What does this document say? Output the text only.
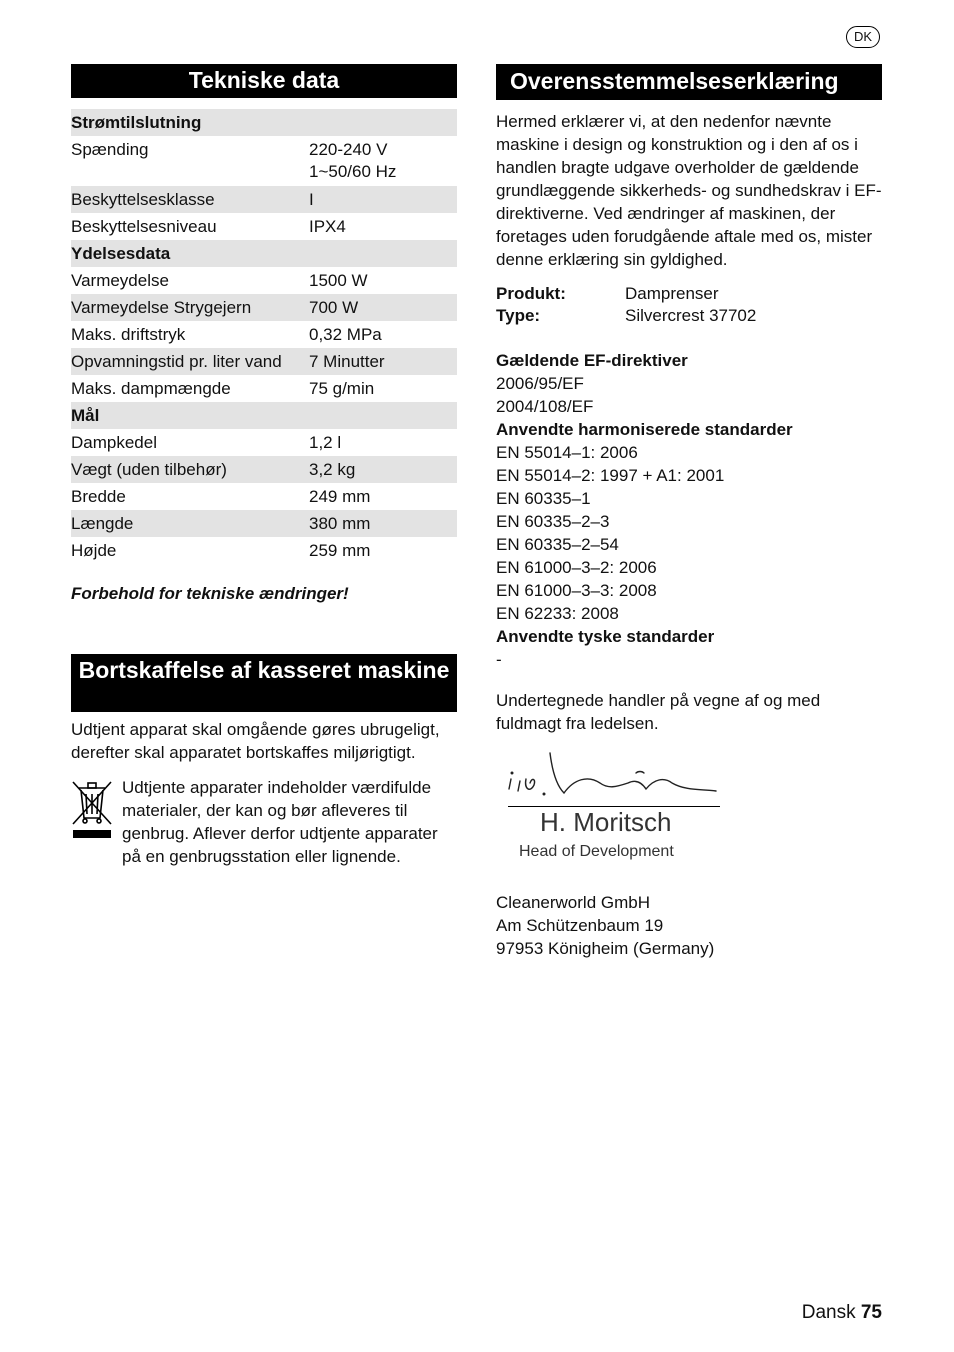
DK
Tekniske data
Strømtilslutning
Spænding	220-240 V
1~50/60 Hz
Beskyttelsesklasse	I
Beskyttelsesniveau	IPX4
Ydelsesdata
Varmeydelse	1500 W
Varmeydelse Strygejern	700 W
Maks. driftstryk	0,32 MPa
Opvamningstid pr. liter vand	7 Minutter
Maks. dampmængde	75 g/min
Mål
Dampkedel	1,2 l
Vægt (uden tilbehør)	3,2 kg
Bredde	249 mm
Længde	380 mm
Højde	259 mm
Forbehold for tekniske ændringer!
Bortskaffelse af kasseret maskine
Udtjent apparat skal omgående gøres ubrugeligt, derefter skal apparatet bortskaffes miljørigtigt.
Udtjente apparater indeholder værdifulde materialer, der kan og bør afleveres til genbrug. Aflever derfor udtjente apparater på en genbrugsstation eller lignende.
Overensstemmelseserklæring
Hermed erklærer vi, at den nedenfor nævnte maskine i design og konstruktion og i den af os i handlen bragte udgave overholder de gældende grundlæggende sikkerheds- og sundhedskrav i EF-direktiverne. Ved ændringer af maskinen, der foretages uden forudgående aftale med os, mister denne erklæring sin gyldighed.
Produkt:	Damprenser
Type:	Silvercrest 37702
Gældende EF-direktiver
2006/95/EF
2004/108/EF
Anvendte harmoniserede standarder
EN 55014–1: 2006
EN 55014–2: 1997 + A1: 2001
EN 60335–1
EN 60335–2–3
EN 60335–2–54
EN 61000–3–2: 2006
EN 61000–3–3: 2008
EN 62233: 2008
Anvendte tyske standarder
-
Undertegnede handler på vegne af og med fuldmagt fra ledelsen.
H. Moritsch
Head of Development
Cleanerworld GmbH
Am Schützenbaum 19
97953 Königheim (Germany)
Dansk 75
